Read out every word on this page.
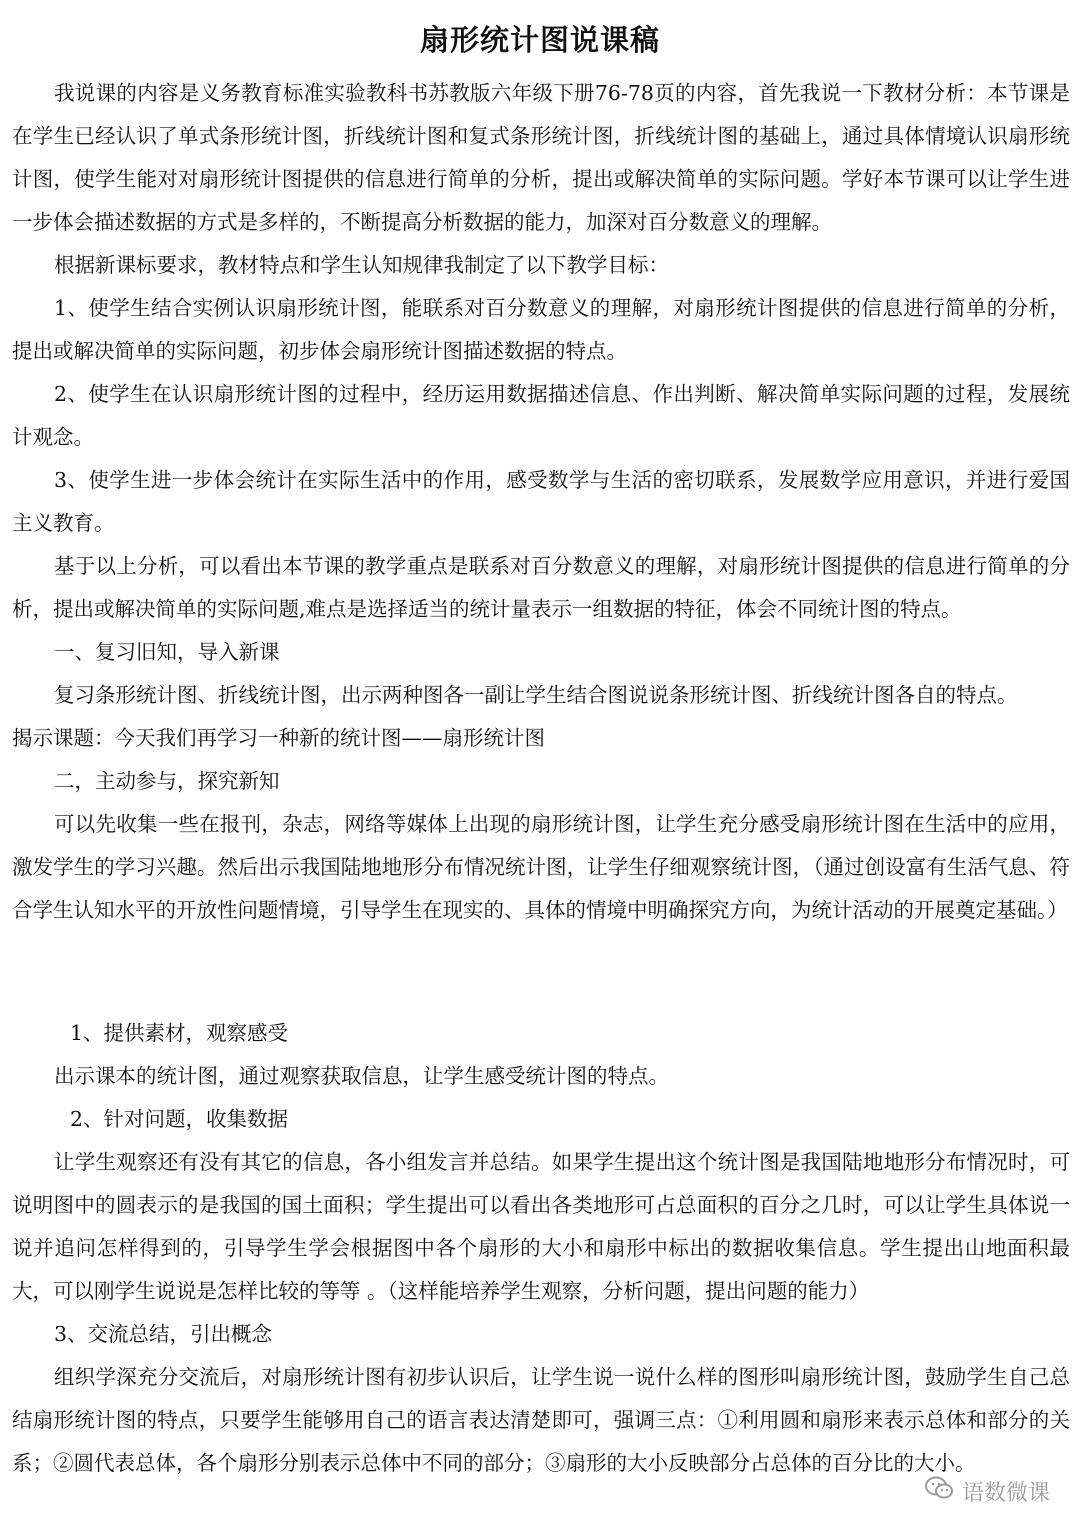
扇形统计图说课稿

我说课的内容是义务教育标准实验教科书苏教版六年级下册76-78页的内容，首先我说一下教材分析：本节课是在学生已经认识了单式条形统计图，折线统计图和复式条形统计图，折线统计图的基础上，通过具体情境认识扇形统计图，使学生能对对扇形统计图提供的信息进行简单的分析，提出或解决简单的实际问题。学好本节课可以让学生进一步体会描述数据的方式是多样的，不断提高分析数据的能力，加深对百分数意义的理解。

根据新课标要求，教材特点和学生认知规律我制定了以下教学目标：

1、使学生结合实例认识扇形统计图，能联系对百分数意义的理解，对扇形统计图提供的信息进行简单的分析，提出或解决简单的实际问题，初步体会扇形统计图描述数据的特点。

2、使学生在认识扇形统计图的过程中，经历运用数据描述信息、作出判断、解决简单实际问题的过程，发展统计观念。

3、使学生进一步体会统计在实际生活中的作用，感受数学与生活的密切联系，发展数学应用意识，并进行爱国主义教育。

基于以上分析，可以看出本节课的教学重点是联系对百分数意义的理解，对扇形统计图提供的信息进行简单的分析，提出或解决简单的实际问题,难点是选择适当的统计量表示一组数据的特征，体会不同统计图的特点。

一、复习旧知，导入新课

复习条形统计图、折线统计图，出示两种图各一副让学生结合图说说条形统计图、折线统计图各自的特点。

揭示课题：今天我们再学习一种新的统计图——扇形统计图

二，主动参与，探究新知

可以先收集一些在报刊，杂志，网络等媒体上出现的扇形统计图，让学生充分感受扇形统计图在生活中的应用，激发学生的学习兴趣。然后出示我国陆地地形分布情况统计图，让学生仔细观察统计图，（通过创设富有生活气息、符合学生认知水平的开放性问题情境，引导学生在现实的、具体的情境中明确探究方向，为统计活动的开展奠定基础。）

1、提供素材，观察感受

出示课本的统计图，通过观察获取信息，让学生感受统计图的特点。

2、针对问题，收集数据

让学生观察还有没有其它的信息，各小组发言并总结。如果学生提出这个统计图是我国陆地地形分布情况时，可说明图中的圆表示的是我国的国土面积；学生提出可以看出各类地形可占总面积的百分之几时，可以让学生具体说一说并追问怎样得到的，引导学生学会根据图中各个扇形的大小和扇形中标出的数据收集信息。学生提出山地面积最大，可以刚学生说说是怎样比较的等等 。（这样能培养学生观察，分析问题，提出问题的能力）

3、交流总结，引出概念

组织学深充分交流后，对扇形统计图有初步认识后，让学生说一说什么样的图形叫扇形统计图，鼓励学生自己总结扇形统计图的特点，只要学生能够用自己的语言表达清楚即可，强调三点：①利用圆和扇形来表示总体和部分的关系；②圆代表总体，各个扇形分别表示总体中不同的部分；③扇形的大小反映部分占总体的百分比的大小。

语数微课
